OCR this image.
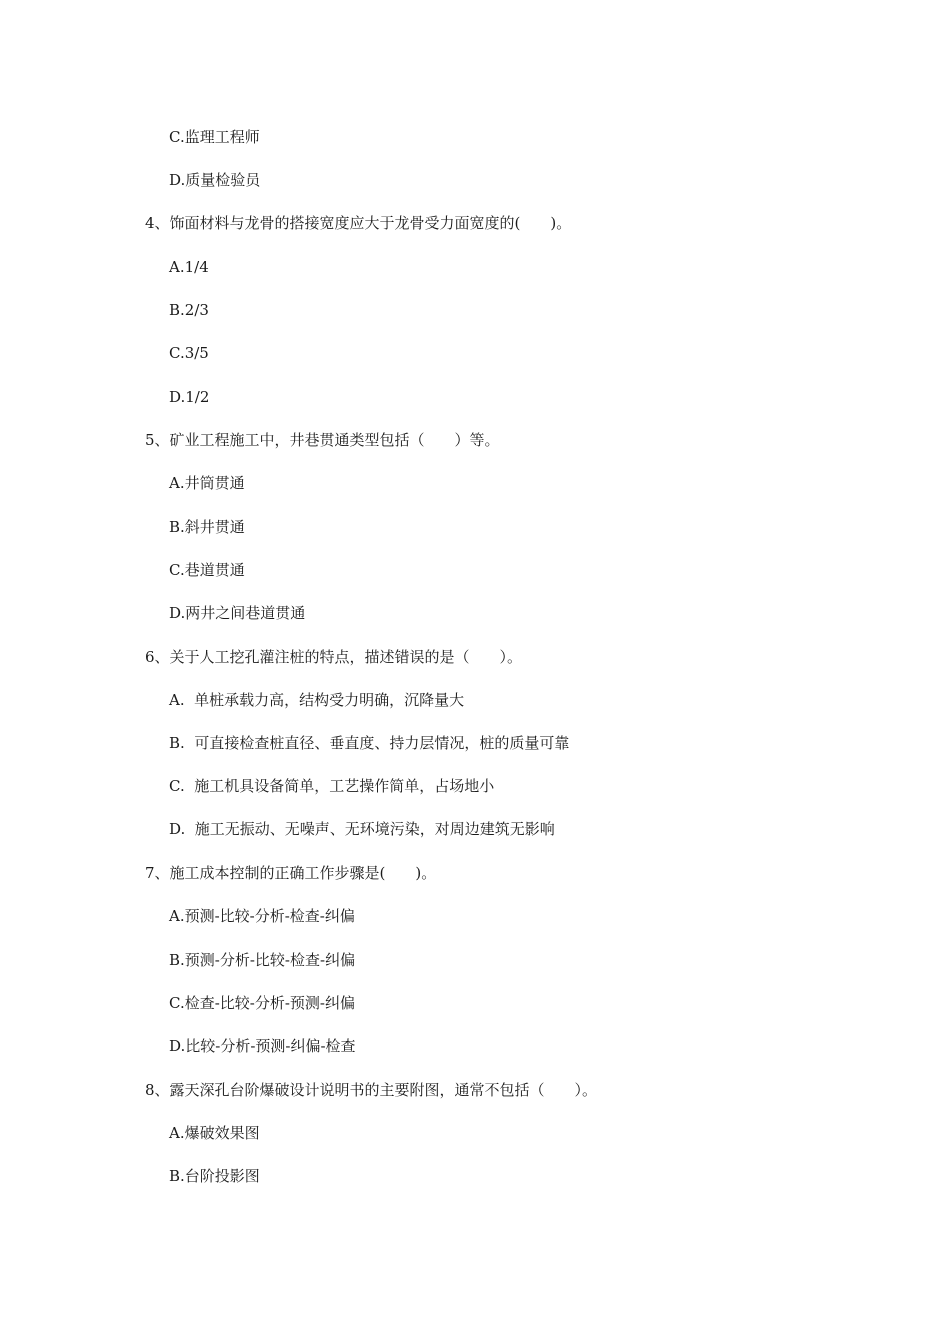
C.监理工程师
D.质量检验员
4、饰面材料与龙骨的搭接宽度应大于龙骨受力面宽度的(　　)。
A.1/4
B.2/3
C.3/5
D.1/2
5、矿业工程施工中，井巷贯通类型包括（　　）等。
A.井筒贯通
B.斜井贯通
C.巷道贯通
D.两井之间巷道贯通
6、关于人工挖孔灌注桩的特点，描述错误的是（　　）。
A.  单桩承载力高，结构受力明确，沉降量大
B.  可直接检查桩直径、垂直度、持力层情况，桩的质量可靠
C.  施工机具设备简单，工艺操作简单，占场地小
D.  施工无振动、无噪声、无环境污染，对周边建筑无影响
7、施工成本控制的正确工作步骤是(　　)。
A.预测-比较-分析-检查-纠偏
B.预测-分析-比较-检查-纠偏
C.检查-比较-分析-预测-纠偏
D.比较-分析-预测-纠偏-检查
8、露天深孔台阶爆破设计说明书的主要附图，通常不包括（　　）。
A.爆破效果图
B.台阶投影图
